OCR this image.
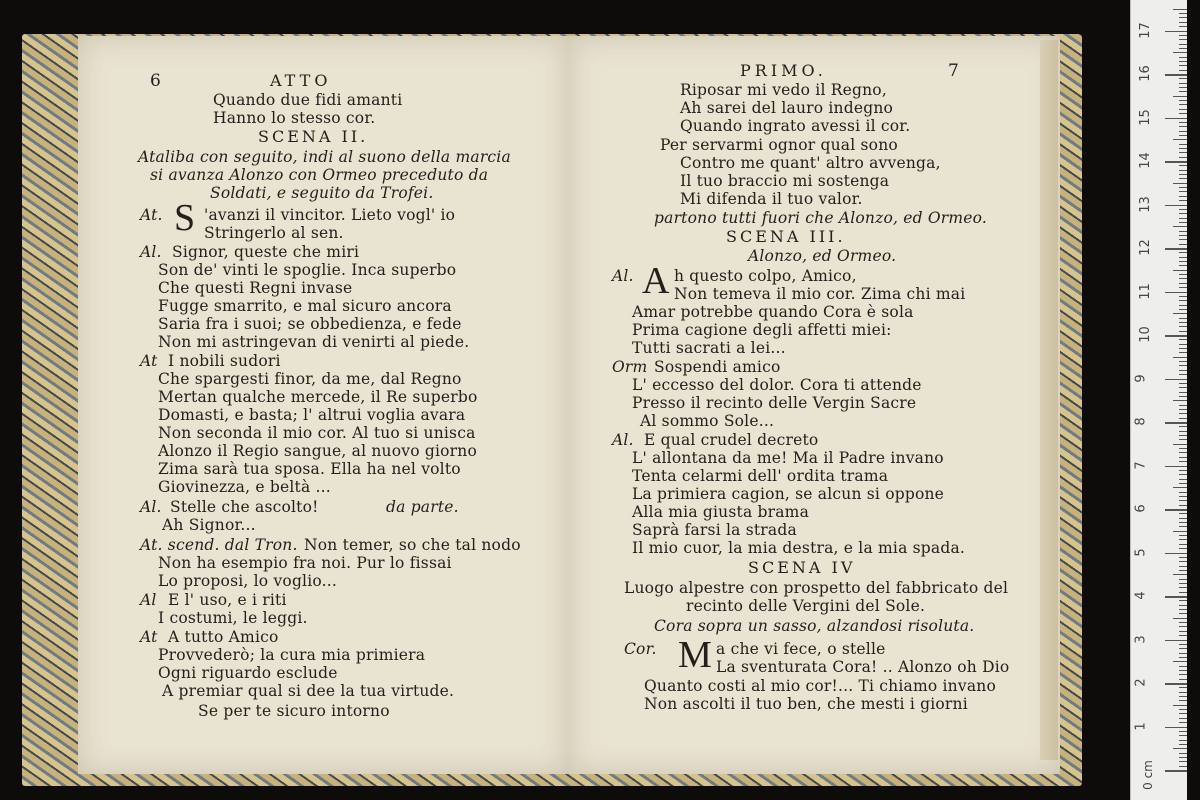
6	ATTO
Quando due fidi amanti
Hanno lo stesso cor.
SCENA II.
Ataliba con seguito, indi al suono della marcia
si avanza Alonzo con Ormeo preceduto da
Soldati, e seguito da Trofei.
At. S 'avanzi il vincitor. Lieto vogl' io
Stringerlo al sen.
Al. Signor, queste che miri
Son de' vinti le spoglie. Inca superbo
Che questi Regni invase
Fugge smarrito, e mal sicuro ancora
Saria fra i suoi; se obbedienza, e fede
Non mi astringevan di venirti al piede.
At I nobili sudori
Che spargesti finor, da me, dal Regno
Mertan qualche mercede, il Re superbo
Domasti, e basta; l' altrui voglia avara
Non seconda il mio cor. Al tuo si unisca
Alonzo il Regio sangue, al nuovo giorno
Zima sarà tua sposa. Ella ha nel volto
Giovinezza, e beltà ...
Al. Stelle che ascolto!	da parte.
Ah Signor...
At. scend. dal Tron. Non temer, so che tal nodo
Non ha esempio fra noi. Pur lo fissai
Lo proposi, lo voglio...
Al E l' uso, e i riti
I costumi, le leggi.
At A tutto Amico
Provvederò; la cura mia primiera
Ogni riguardo esclude
A premiar qual si dee la tua virtude.
Se per te sicuro intorno
PRIMO.	7
Riposar mi vedo il Regno,
Ah sarei del lauro indegno
Quando ingrato avessi il cor.
Per servarmi ognor qual sono
Contro me quant' altro avvenga,
Il tuo braccio mi sostenga
Mi difenda il tuo valor.
partono tutti fuori che Alonzo, ed Ormeo.
SCENA III.
Alonzo, ed Ormeo.
Al. A h questo colpo, Amico,
Non temeva il mio cor. Zima chi mai
Amar potrebbe quando Cora è sola
Prima cagione degli affetti miei:
Tutti sacrati a lei...
Orm Sospendi amico
L' eccesso del dolor. Cora ti attende
Presso il recinto delle Vergin Sacre
Al sommo Sole...
Al. E qual crudel decreto
L' allontana da me! Ma il Padre invano
Tenta celarmi dell' ordita trama
La primiera cagion, se alcun si oppone
Alla mia giusta brama
Saprà farsi la strada
Il mio cuor, la mia destra, e la mia spada.
SCENA IV
Luogo alpestre con prospetto del fabbricato del
recinto delle Vergini del Sole.
Cora sopra un sasso, alzandosi risoluta.
Cor. M a che vi fece, o stelle
La sventurata Cora! .. Alonzo oh Dio
Quanto costi al mio cor!... Ti chiamo invano
Non ascolti il tuo ben, che mesti i giorni
0 cm
1
2
3
4
5
6
7
8
9
10
11
12
13
14
15
16
17
